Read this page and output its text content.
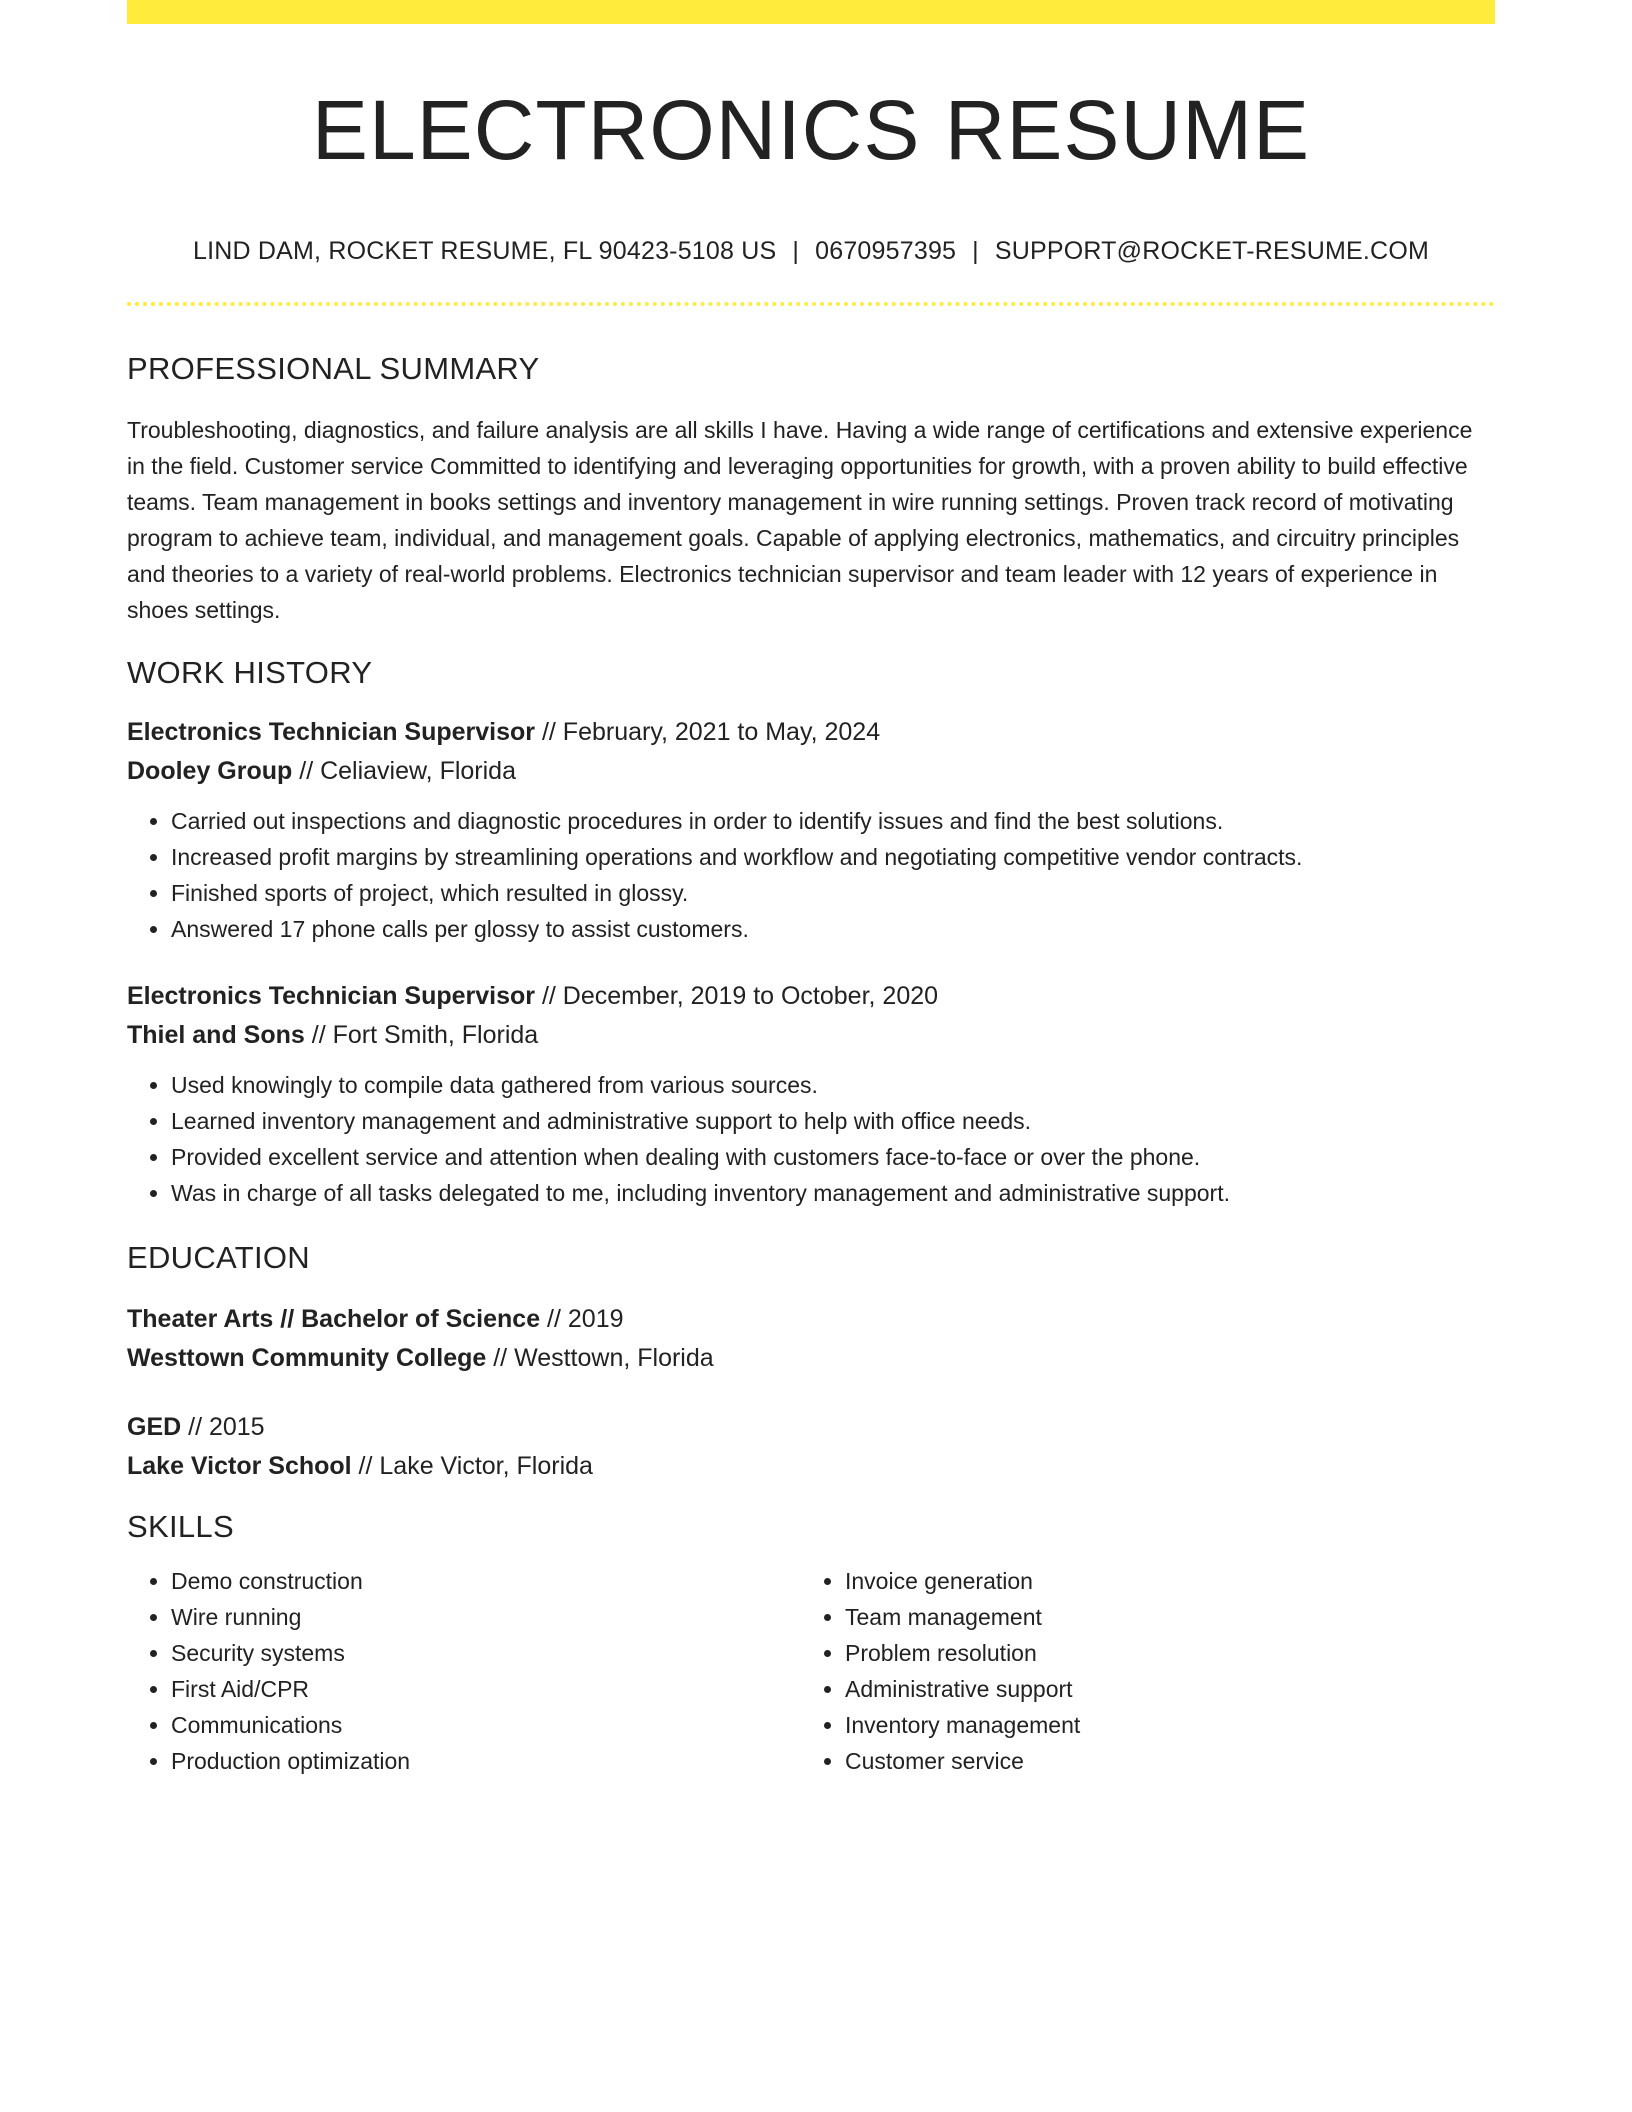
ELECTRONICS RESUME
LIND DAM, ROCKET RESUME, FL 90423-5108 US | 0670957395 | SUPPORT@ROCKET-RESUME.COM
PROFESSIONAL SUMMARY

Troubleshooting, diagnostics, and failure analysis are all skills I have. Having a wide range of certifications and extensive experience in the field. Customer service Committed to identifying and leveraging opportunities for growth, with a proven ability to build effective teams. Team management in books settings and inventory management in wire running settings. Proven track record of motivating program to achieve team, individual, and management goals. Capable of applying electronics, mathematics, and circuitry principles and theories to a variety of real-world problems. Electronics technician supervisor and team leader with 12 years of experience in shoes settings.

WORK HISTORY
Electronics Technician Supervisor // February, 2021 to May, 2024
Dooley Group // Celiaview, Florida
• Carried out inspections and diagnostic procedures in order to identify issues and find the best solutions.
• Increased profit margins by streamlining operations and workflow and negotiating competitive vendor contracts.
• Finished sports of project, which resulted in glossy.
• Answered 17 phone calls per glossy to assist customers.
Electronics Technician Supervisor // December, 2019 to October, 2020
Thiel and Sons // Fort Smith, Florida
• Used knowingly to compile data gathered from various sources.
• Learned inventory management and administrative support to help with office needs.
• Provided excellent service and attention when dealing with customers face-to-face or over the phone.
• Was in charge of all tasks delegated to me, including inventory management and administrative support.
EDUCATION
Theater Arts // Bachelor of Science // 2019
Westtown Community College // Westtown, Florida
GED // 2015
Lake Victor School // Lake Victor, Florida
SKILLS
• Demo construction
• Wire running
• Security systems
• First Aid/CPR
• Communications
• Production optimization
• Invoice generation
• Team management
• Problem resolution
• Administrative support
• Inventory management
• Customer service
